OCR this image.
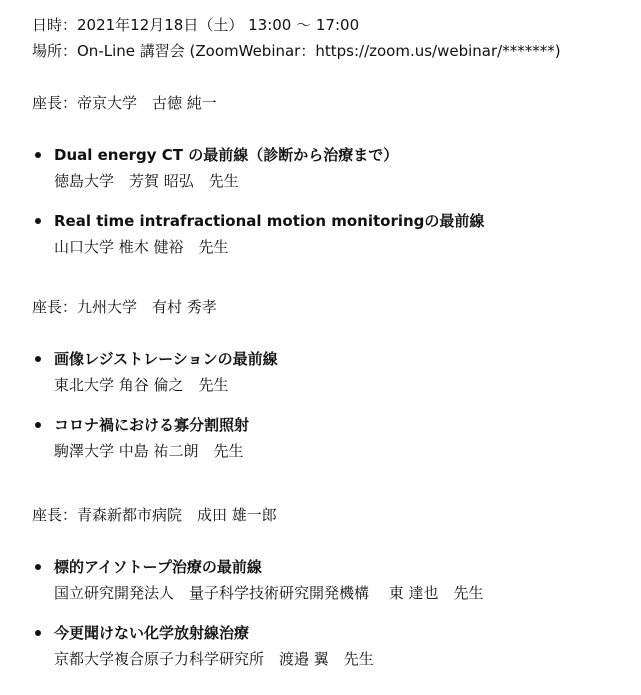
日時：2021年12月18日（土） 13:00 〜 17:00
場所：On-Line 講習会 (ZoomWebinar：https://zoom.us/webinar/*******)
座長：帝京大学　古徳 純一
Dual energy CT の最前線（診断から治療まで）
徳島大学　芳賀 昭弘　先生
Real time intrafractional motion monitoringの最前線
山口大学 椎木 健裕　先生
座長：九州大学　有村 秀孝
画像レジストレーションの最前線
東北大学 角谷 倫之　先生
コロナ禍における寡分割照射
駒澤大学 中島 祐二朗　先生
座長：青森新都市病院　成田 雄一郎
標的アイソトープ治療の最前線
国立研究開発法人　量子科学技術研究開発機構　 東 達也　先生
今更聞けない化学放射線治療
京都大学複合原子力科学研究所　渡邉 翼　先生
